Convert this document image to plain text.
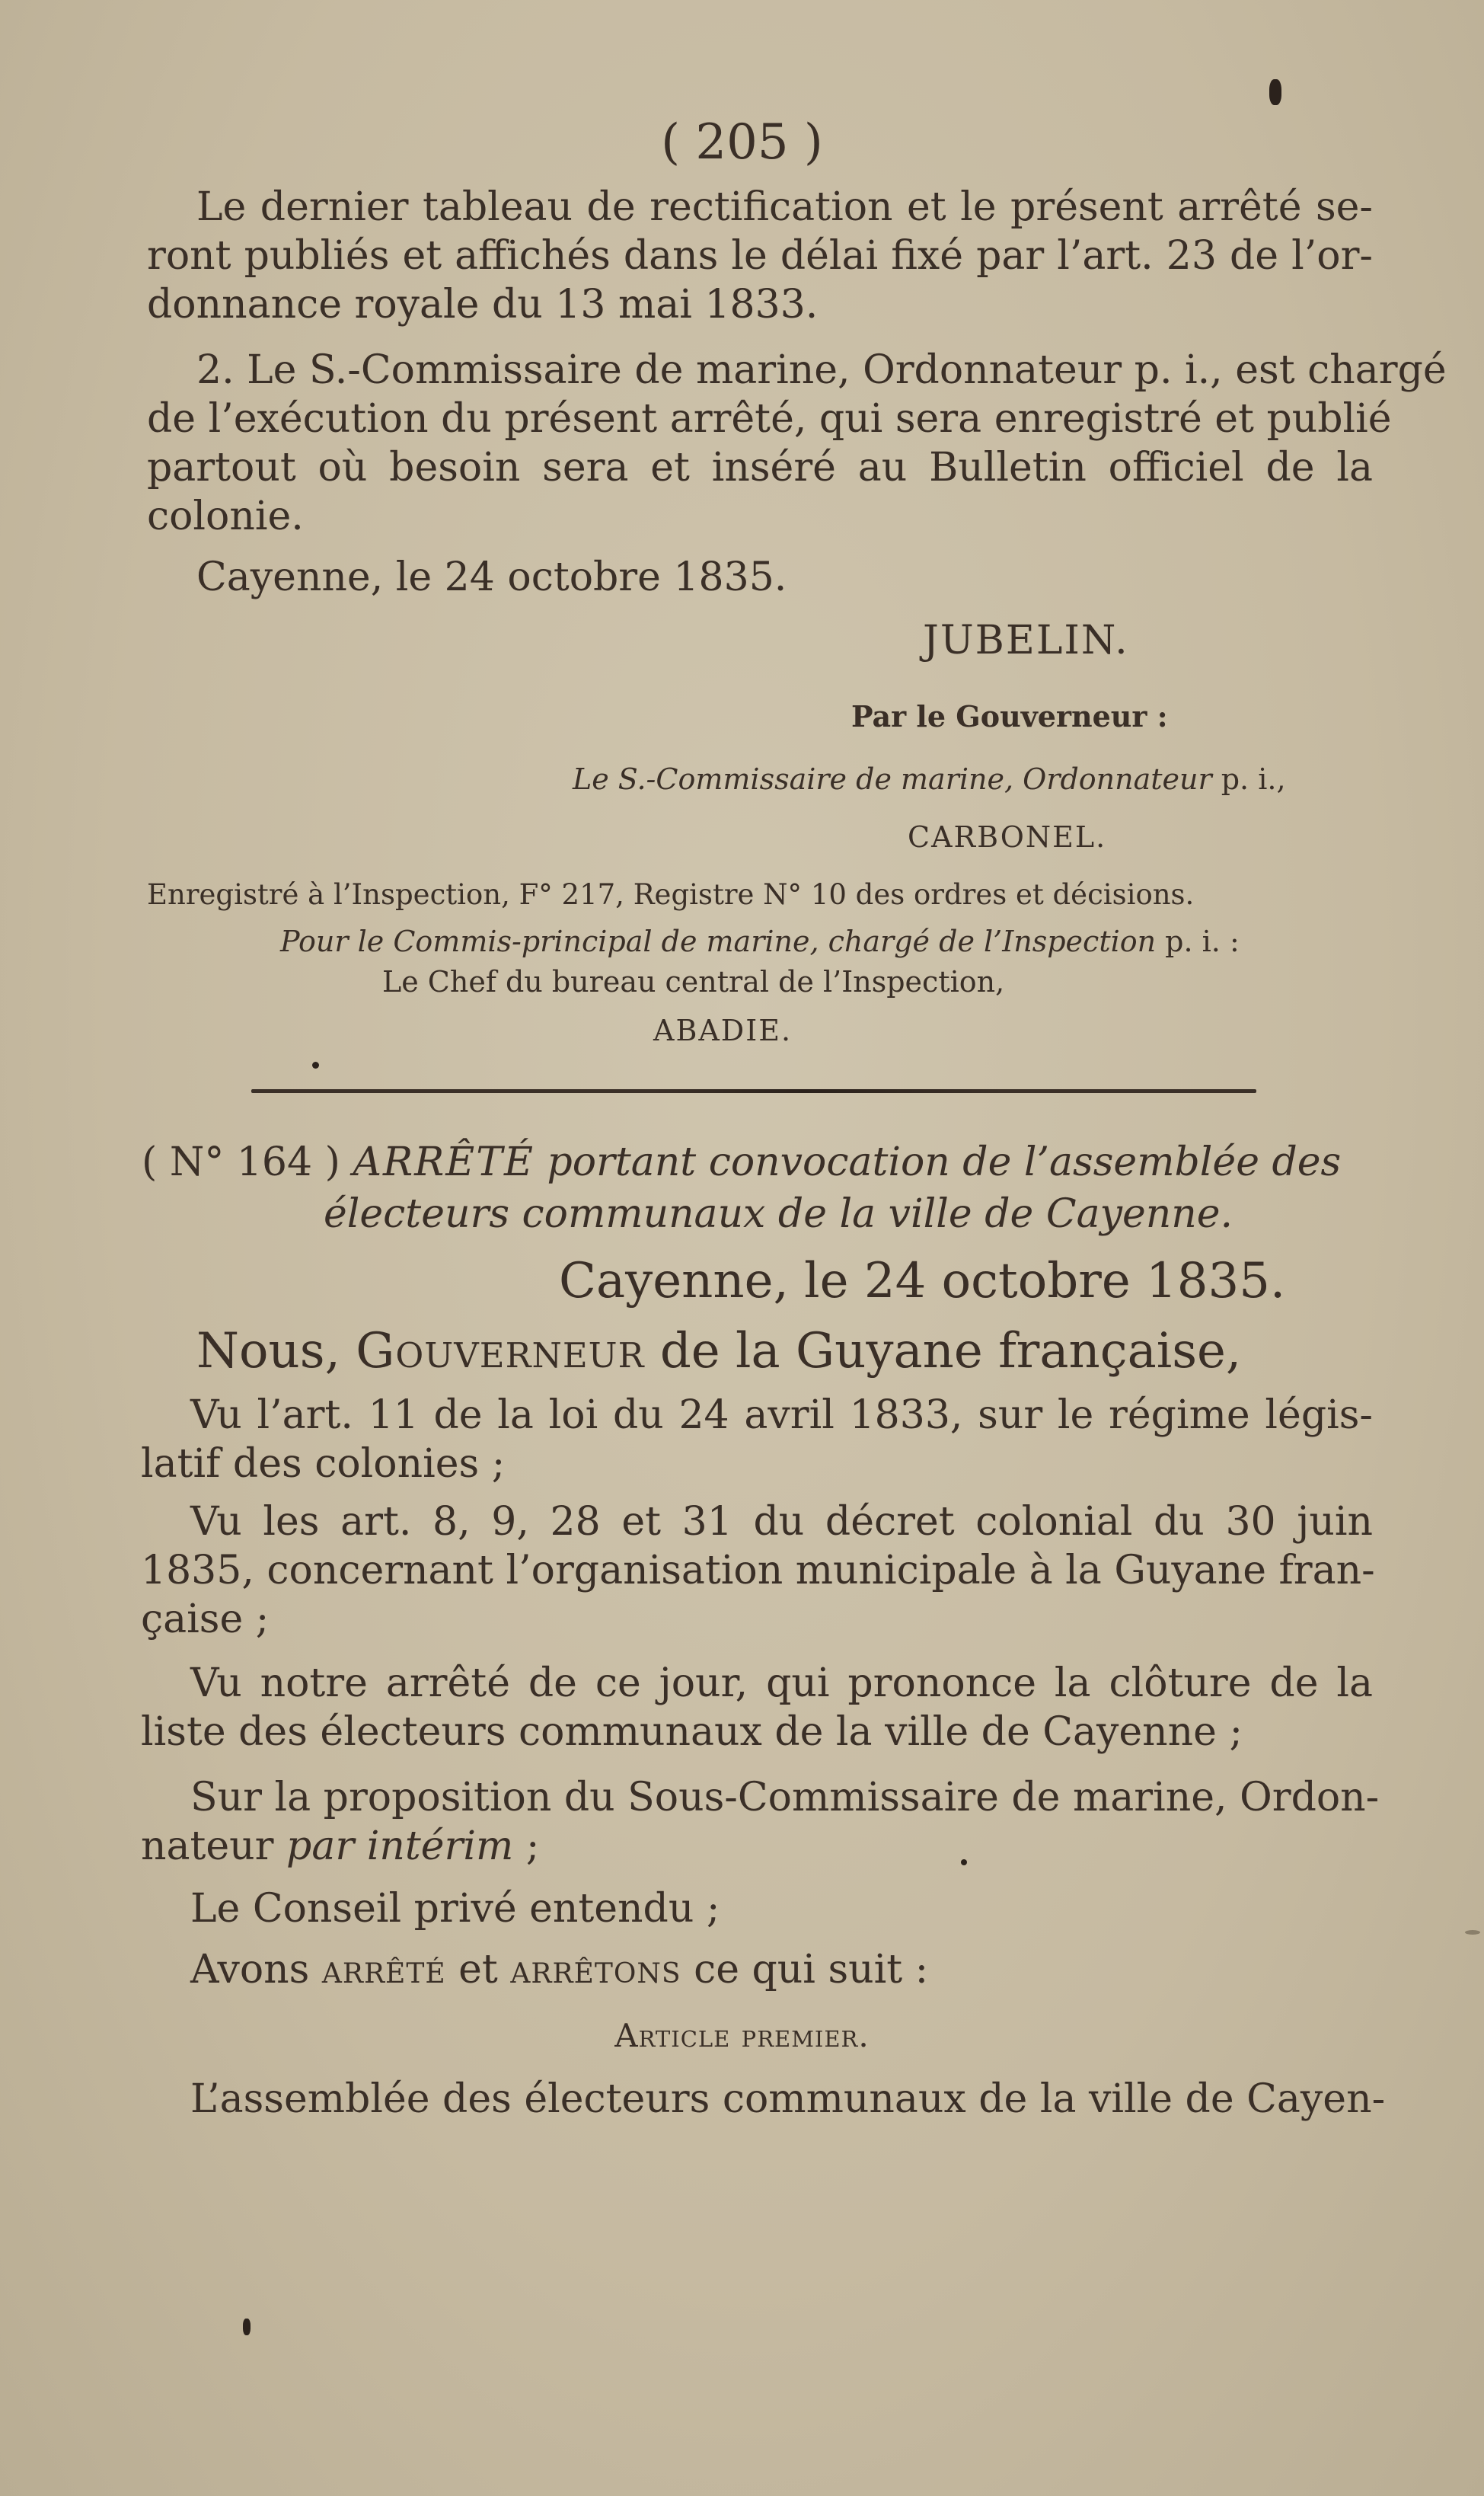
( 205 )
Le dernier tableau de rectification et le présent arrêté se-
ront publiés et affichés dans le délai fixé par l’art. 23 de l’or-
donnance royale du 13 mai 1833.
2. Le S.-Commissaire de marine, Ordonnateur p. i., est chargé
de l’exécution du présent arrêté, qui sera enregistré et publié
partout où besoin sera et inséré au Bulletin officiel de la
colonie.
Cayenne, le 24 octobre 1835.
JUBELIN.
Par le Gouverneur :
Le S.-Commissaire de marine, Ordonnateur p. i.,
CARBONEL.
Enregistré à l’Inspection, F° 217, Registre N° 10 des ordres et décisions.
Pour le Commis-principal de marine, chargé de l’Inspection p. i. :
Le Chef du bureau central de l’Inspection,
ABADIE.
( N° 164 ) ARRÊTÉ portant convocation de l’assemblée des
électeurs communaux de la ville de Cayenne.
Cayenne, le 24 octobre 1835.
Nous, Gouverneur de la Guyane française,
Vu l’art. 11 de la loi du 24 avril 1833, sur le régime légis-
latif des colonies ;
Vu les art. 8, 9, 28 et 31 du décret colonial du 30 juin
1835, concernant l’organisation municipale à la Guyane fran-
çaise ;
Vu notre arrêté de ce jour, qui prononce la clôture de la
liste des électeurs communaux de la ville de Cayenne ;
Sur la proposition du Sous-Commissaire de marine, Ordon-
nateur par intérim ;
Le Conseil privé entendu ;
Avons arrêté et arrêtons ce qui suit :
Article premier.
L’assemblée des électeurs communaux de la ville de Cayen-
